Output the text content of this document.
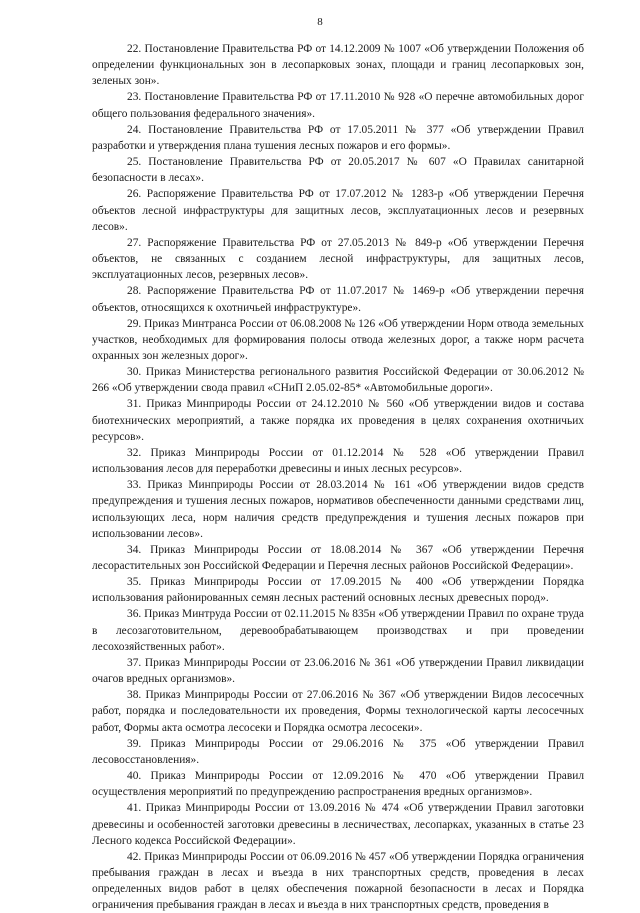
8

22. Постановление Правительства РФ от 14.12.2009 № 1007 «Об утверждении Положения об определении функциональных зон в лесопарковых зонах, площади и границ лесопарковых зон, зеленых зон».

23. Постановление Правительства РФ от 17.11.2010 № 928 «О перечне автомобильных дорог общего пользования федерального значения».

24. Постановление Правительства РФ от 17.05.2011 № 377 «Об утверждении Правил разработки и утверждения плана тушения лесных пожаров и его формы».

25. Постановление Правительства РФ от 20.05.2017 № 607 «О Правилах санитарной безопасности в лесах».

26. Распоряжение Правительства РФ от 17.07.2012 № 1283-р «Об утверждении Перечня объектов лесной инфраструктуры для защитных лесов, эксплуатационных лесов и резервных лесов».

27. Распоряжение Правительства РФ от 27.05.2013 № 849-р «Об утверждении Перечня объектов, не связанных с созданием лесной инфраструктуры, для защитных лесов, эксплуатационных лесов, резервных лесов».

28. Распоряжение Правительства РФ от 11.07.2017 № 1469-р «Об утверждении перечня объектов, относящихся к охотничьей инфраструктуре».

29. Приказ Минтранса России от 06.08.2008 № 126 «Об утверждении Норм отвода земельных участков, необходимых для формирования полосы отвода железных дорог, а также норм расчета охранных зон железных дорог».

30. Приказ Министерства регионального развития Российской Федерации от 30.06.2012 № 266 «Об утверждении свода правил «СНиП 2.05.02-85* «Автомобильные дороги».

31. Приказ Минприроды России от 24.12.2010 № 560 «Об утверждении видов и состава биотехнических мероприятий, а также порядка их проведения в целях сохранения охотничьих ресурсов».

32. Приказ Минприроды России от 01.12.2014 № 528 «Об утверждении Правил использования лесов для переработки древесины и иных лесных ресурсов».

33. Приказ Минприроды России от 28.03.2014 № 161 «Об утверждении видов средств предупреждения и тушения лесных пожаров, нормативов обеспеченности данными средствами лиц, использующих леса, норм наличия средств предупреждения и тушения лесных пожаров при использовании лесов».

34. Приказ Минприроды России от 18.08.2014 № 367 «Об утверждении Перечня лесорастительных зон Российской Федерации и Перечня лесных районов Российской Федерации».

35. Приказ Минприроды России от 17.09.2015 № 400 «Об утверждении Порядка использования районированных семян лесных растений основных лесных древесных пород».

36. Приказ Минтруда России от 02.11.2015 № 835н «Об утверждении Правил по охране труда в лесозаготовительном, деревообрабатывающем производствах и при проведении лесохозяйственных работ».

37. Приказ Минприроды России от 23.06.2016 № 361 «Об утверждении Правил ликвидации очагов вредных организмов».

38. Приказ Минприроды России от 27.06.2016 № 367 «Об утверждении Видов лесосечных работ, порядка и последовательности их проведения, Формы технологической карты лесосечных работ, Формы акта осмотра лесосеки и Порядка осмотра лесосеки».

39. Приказ Минприроды России от 29.06.2016 № 375 «Об утверждении Правил лесовосстановления».

40. Приказ Минприроды России от 12.09.2016 № 470 «Об утверждении Правил осуществления мероприятий по предупреждению распространения вредных организмов».

41. Приказ Минприроды России от 13.09.2016 № 474 «Об утверждении Правил заготовки древесины и особенностей заготовки древесины в лесничествах, лесопарках, указанных в статье 23 Лесного кодекса Российской Федерации».

42. Приказ Минприроды России от 06.09.2016 № 457 «Об утверждении Порядка ограничения пребывания граждан в лесах и въезда в них транспортных средств, проведения в лесах определенных видов работ в целях обеспечения пожарной безопасности в лесах и Порядка ограничения пребывания граждан в лесах и въезда в них транспортных средств, проведения в
